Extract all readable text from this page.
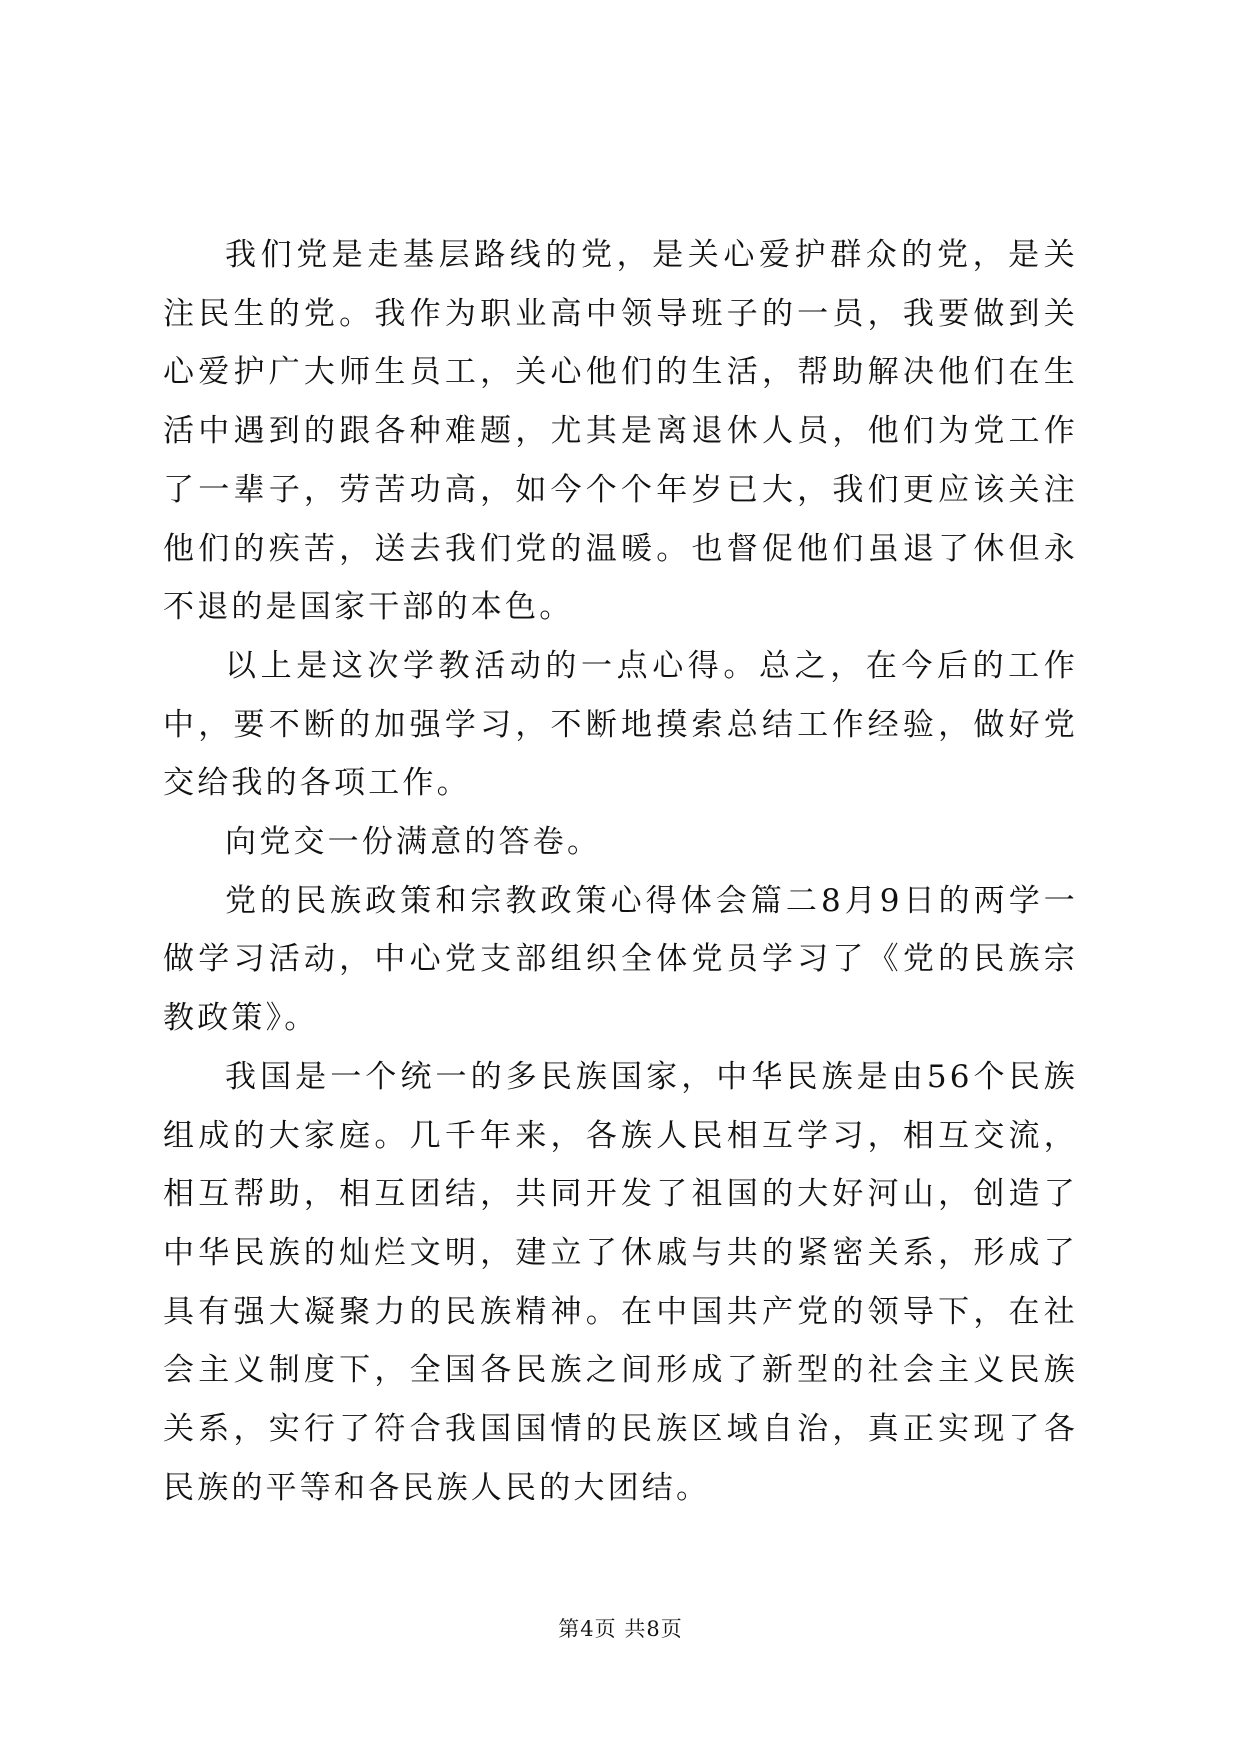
我们党是走基层路线的党，是关心爱护群众的党，是关注民生的党。我作为职业高中领导班子的一员，我要做到关心爱护广大师生员工，关心他们的生活，帮助解决他们在生活中遇到的跟各种难题，尤其是离退休人员，他们为党工作了一辈子，劳苦功高，如今个个年岁已大，我们更应该关注他们的疾苦，送去我们党的温暖。也督促他们虽退了休但永不退的是国家干部的本色。

以上是这次学教活动的一点心得。总之，在今后的工作中，要不断的加强学习，不断地摸索总结工作经验，做好党交给我的各项工作。

向党交一份满意的答卷。

党的民族政策和宗教政策心得体会篇二8月9日的两学一做学习活动，中心党支部组织全体党员学习了《党的民族宗教政策》。

我国是一个统一的多民族国家，中华民族是由56个民族组成的大家庭。几千年来，各族人民相互学习，相互交流，相互帮助，相互团结，共同开发了祖国的大好河山，创造了中华民族的灿烂文明，建立了休戚与共的紧密关系，形成了具有强大凝聚力的民族精神。在中国共产党的领导下，在社会主义制度下，全国各民族之间形成了新型的社会主义民族关系，实行了符合我国国情的民族区域自治，真正实现了各民族的平等和各民族人民的大团结。

第4页 共8页
